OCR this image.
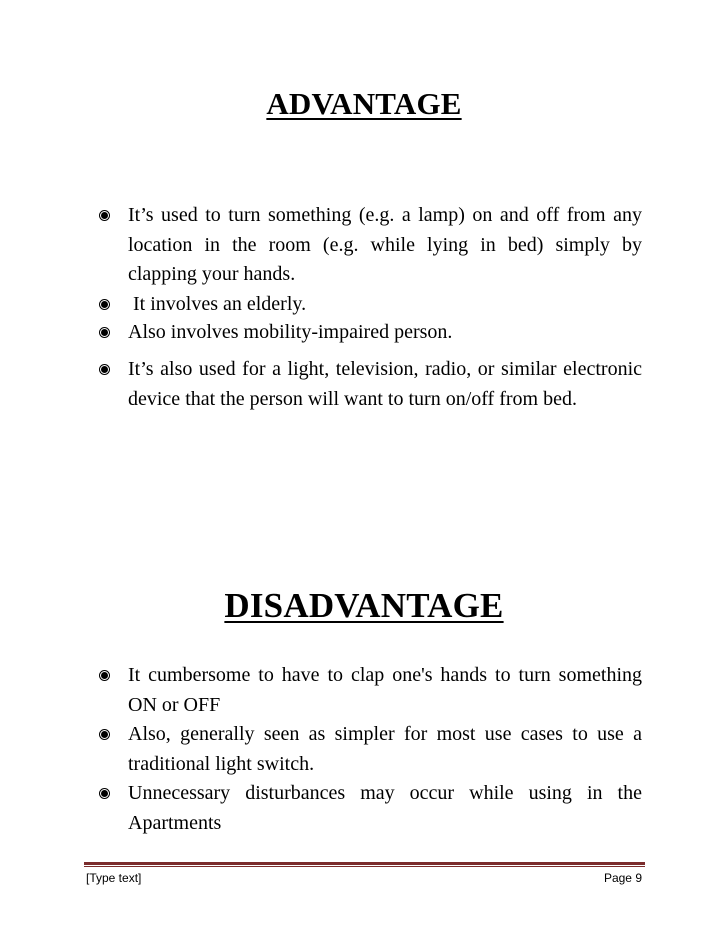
ADVANTAGE
It’s used to turn something (e.g. a lamp) on and off from any location in the room (e.g. while lying in bed) simply by clapping your hands.
It involves an elderly.
Also involves mobility-impaired person.
It’s also used for a light, television, radio, or similar electronic device that the person will want to turn on/off from bed.
DISADVANTAGE
It cumbersome to have to clap one's hands to turn something ON or OFF
Also, generally seen as simpler for most use cases to use a traditional light switch.
Unnecessary disturbances may occur while using in the Apartments
[Type text]	Page 9
